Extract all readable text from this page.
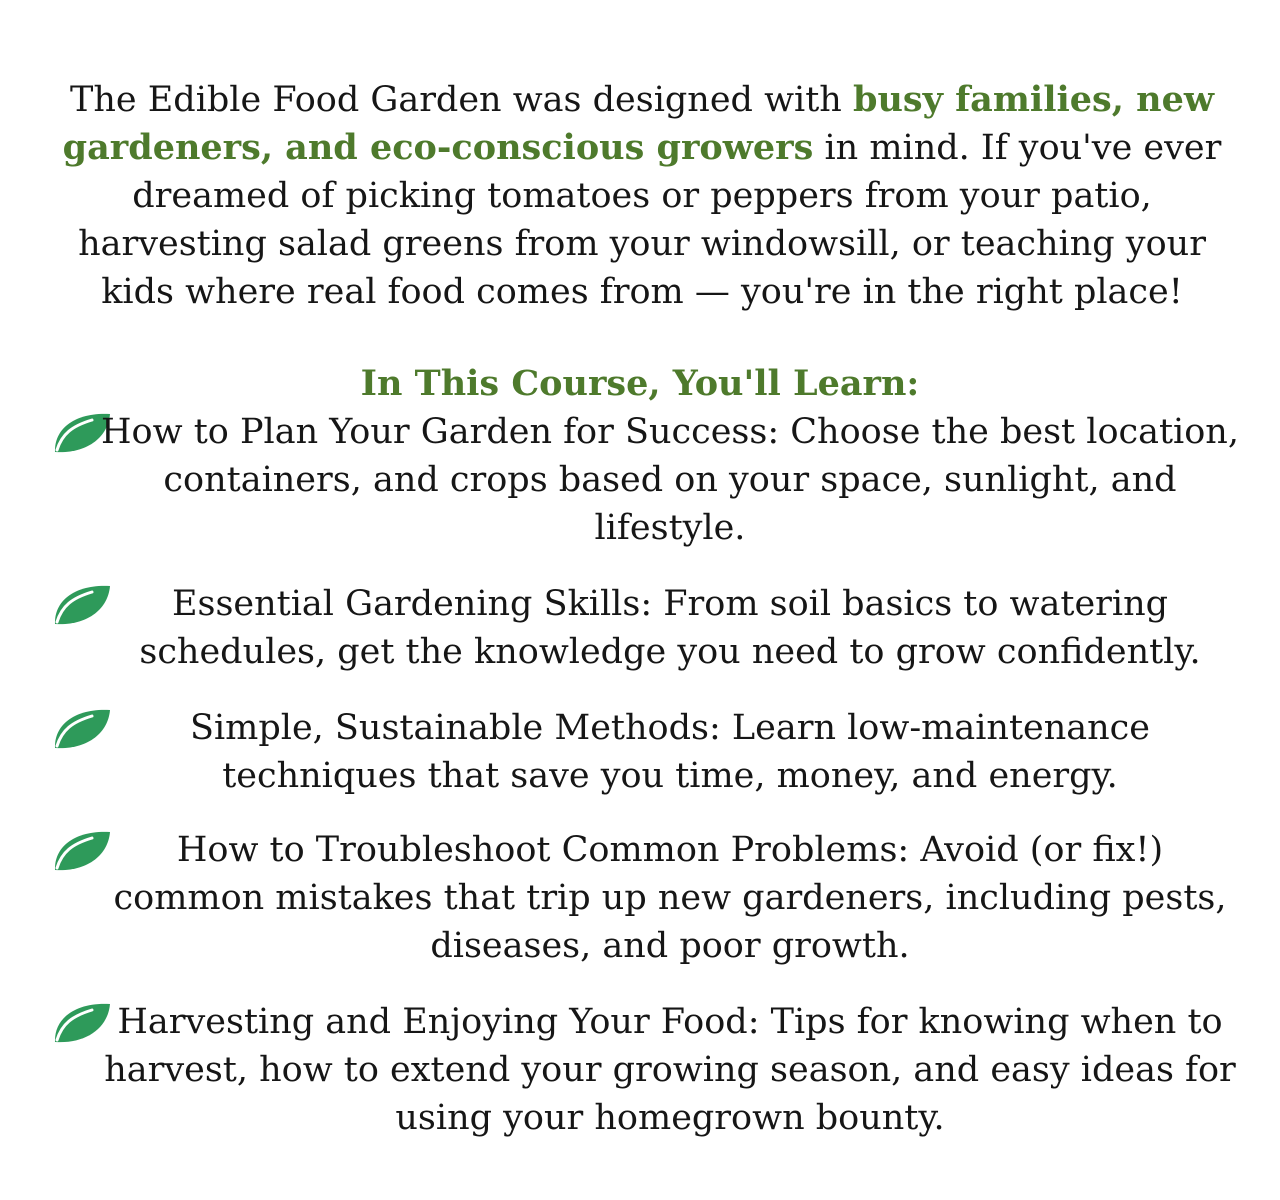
The Edible Food Garden was designed with busy families, new gardeners, and eco-conscious growers in mind. If you've ever dreamed of picking tomatoes or peppers from your patio, harvesting salad greens from your windowsill, or teaching your kids where real food comes from — you're in the right place!

In This Course, You'll Learn:
How to Plan Your Garden for Success: Choose the best location, containers, and crops based on your space, sunlight, and lifestyle.
Essential Gardening Skills: From soil basics to watering schedules, get the knowledge you need to grow confidently.
Simple, Sustainable Methods: Learn low-maintenance techniques that save you time, money, and energy.
How to Troubleshoot Common Problems: Avoid (or fix!) common mistakes that trip up new gardeners, including pests, diseases, and poor growth.
Harvesting and Enjoying Your Food: Tips for knowing when to harvest, how to extend your growing season, and easy ideas for using your homegrown bounty.
